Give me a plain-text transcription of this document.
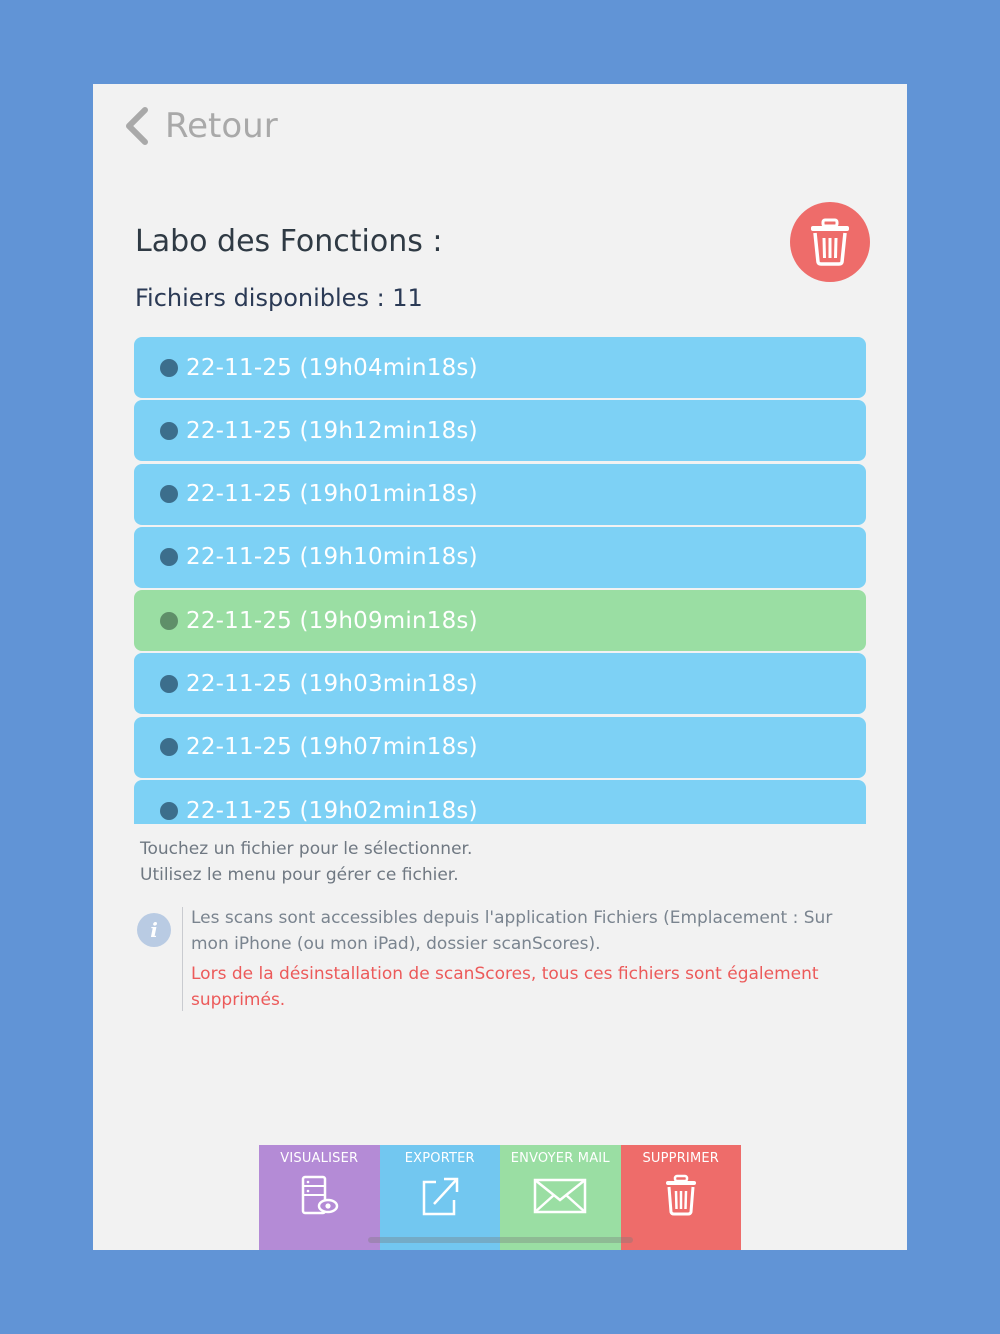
Retour
Labo des Fonctions :
Fichiers disponibles : 11
22-11-25 (19h04min18s)
22-11-25 (19h12min18s)
22-11-25 (19h01min18s)
22-11-25 (19h10min18s)
22-11-25 (19h09min18s)
22-11-25 (19h03min18s)
22-11-25 (19h07min18s)
22-11-25 (19h02min18s)
Touchez un fichier pour le sélectionner.
Utilisez le menu pour gérer ce fichier.
i	Les scans sont accessibles depuis l'application Fichiers (Emplacement : Sur mon iPhone (ou mon iPad), dossier scanScores).
Lors de la désinstallation de scanScores, tous ces fichiers sont également supprimés.
VISUALISER	EXPORTER	ENVOYER MAIL	SUPPRIMER
